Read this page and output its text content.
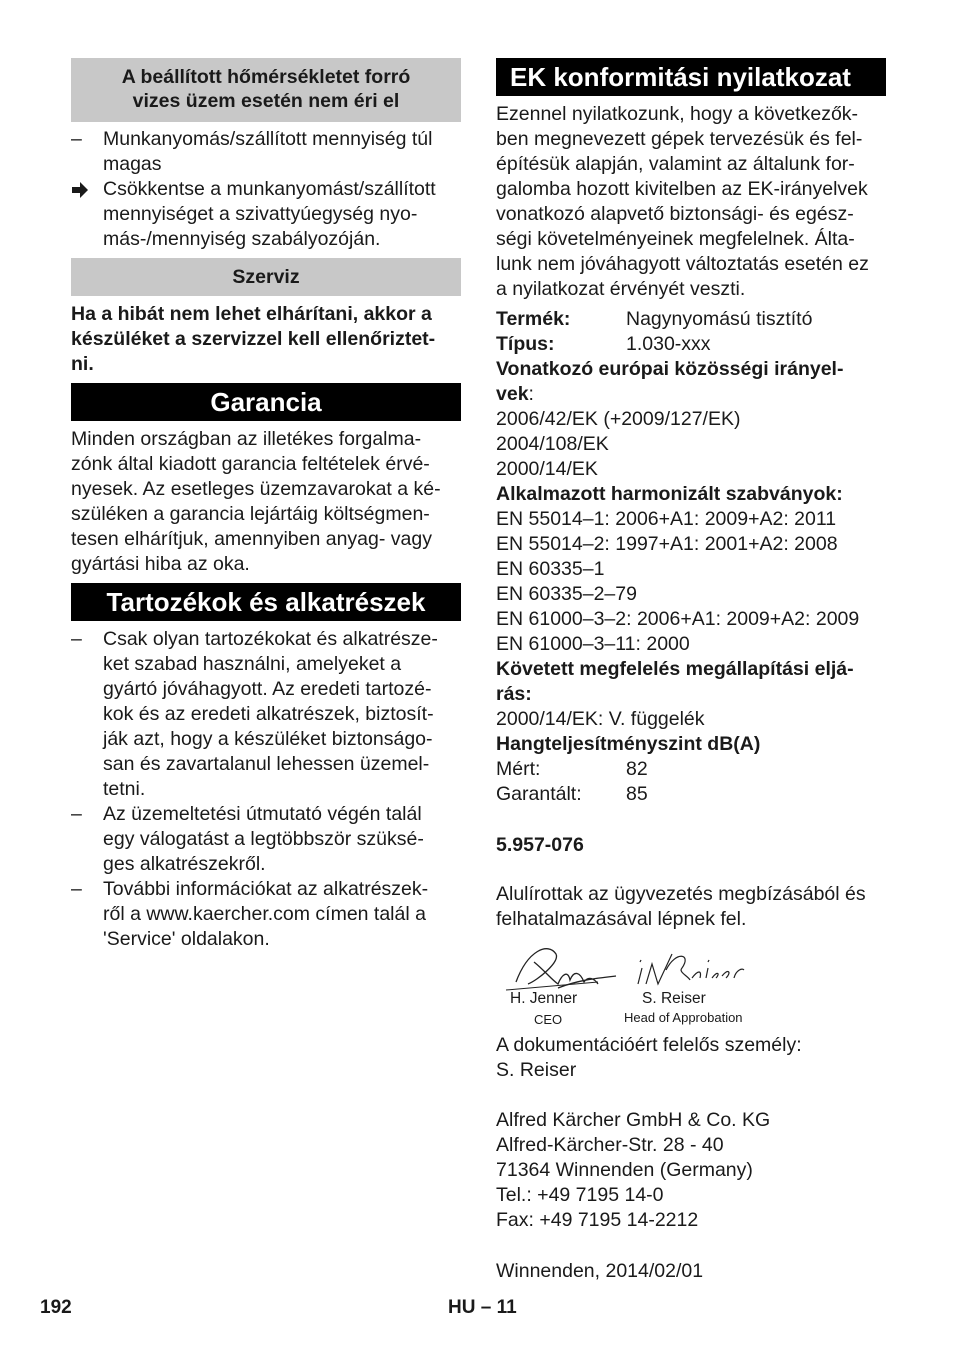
A beállított hőmérsékletet forró
vizes üzem esetén nem éri el
–	Munkanyomás/szállított mennyiség túl
magas
Csökkentse a munkanyomást/szállított
mennyiséget a szivattyúegység nyo-
más-/mennyiség szabályozóján.
Szerviz
Ha a hibát nem lehet elhárítani, akkor a
készüléket a szervizzel kell ellenőriztet-
ni.
Garancia
Minden országban az illetékes forgalma-
zónk által kiadott garancia feltételek érvé-
nyesek. Az esetleges üzemzavarokat a ké-
szüléken a garancia lejártáig költségmen-
tesen elhárítjuk, amennyiben anyag- vagy
gyártási hiba az oka.
Tartozékok és alkatrészek
–	Csak olyan tartozékokat és alkatrésze-
ket szabad használni, amelyeket a
gyártó jóváhagyott. Az eredeti tartozé-
kok és az eredeti alkatrészek, biztosít-
ják azt, hogy a készüléket biztonságo-
san és zavartalanul lehessen üzemel-
tetni.
–	Az üzemeltetési útmutató végén talál
egy válogatást a legtöbbször szüksé-
ges alkatrészekről.
–	További információkat az alkatrészek-
ről a www.kaercher.com címen talál a
'Service' oldalakon.
EK konformitási nyilatkozat
Ezennel nyilatkozunk, hogy a következők-
ben megnevezett gépek tervezésük és fel-
építésük alapján, valamint az általunk for-
galomba hozott kivitelben az EK-irányelvek
vonatkozó alapvető biztonsági- és egész-
ségi követelményeinek megfelelnek. Álta-
lunk nem jóváhagyott változtatás esetén ez
a nyilatkozat érvényét veszti.
Termék:	Nagynyomású tisztító
Típus:	1.030-xxx
Vonatkozó európai közösségi irányel-
vek:
2006/42/EK (+2009/127/EK)
2004/108/EK
2000/14/EK
Alkalmazott harmonizált szabványok:
EN 55014–1: 2006+A1: 2009+A2: 2011
EN 55014–2: 1997+A1: 2001+A2: 2008
EN 60335–1
EN 60335–2–79
EN 61000–3–2: 2006+A1: 2009+A2: 2009
EN 61000–3–11: 2000
Követett megfelelés megállapítási eljá-
rás:
2000/14/EK: V. függelék
Hangteljesítményszint dB(A)
Mért:	82
Garantált: 85
5.957-076
Alulírottak az ügyvezetés megbízásából és
felhatalmazásával lépnek fel.
H. Jenner
CEO
S. Reiser
Head of Approbation
A dokumentációért felelős személy:
S. Reiser
Alfred Kärcher GmbH & Co. KG
Alfred-Kärcher-Str. 28 - 40
71364 Winnenden (Germany)
Tel.: +49 7195 14-0
Fax: +49 7195 14-2212
Winnenden, 2014/02/01
192	HU – 11
